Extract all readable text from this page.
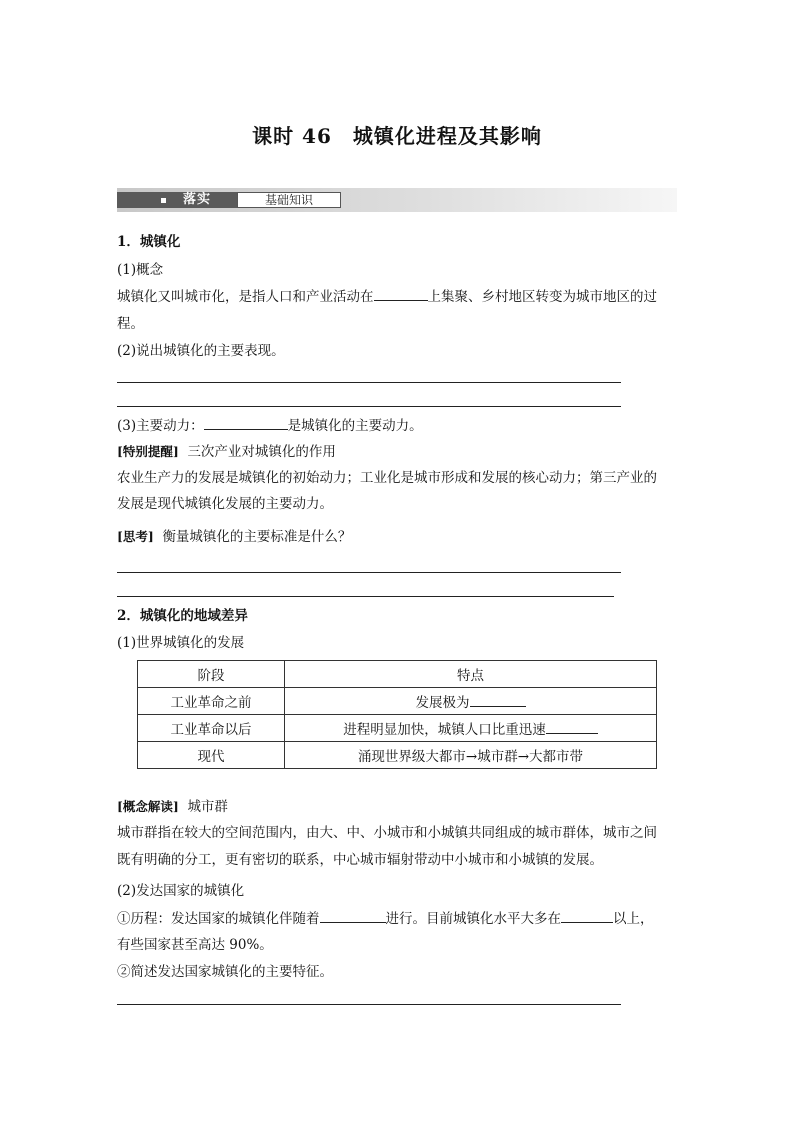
课时 46　城镇化进程及其影响
落实	基础知识
1．城镇化
(1)概念
城镇化又叫城市化，是指人口和产业活动在	上集聚、乡村地区转变为城市地区的过
程。
(2)说出城镇化的主要表现。
(3)主要动力：	是城镇化的主要动力。
[特别提醒] 三次产业对城镇化的作用
农业生产力的发展是城镇化的初始动力；工业化是城市形成和发展的核心动力；第三产业的
发展是现代城镇化发展的主要动力。
[思考] 衡量城镇化的主要标准是什么？
2．城镇化的地域差异
(1)世界城镇化的发展
阶段	特点
工业革命之前	发展极为
工业革命以后	进程明显加快，城镇人口比重迅速
现代	涌现世界级大都市→城市群→大都市带
[概念解读] 城市群
城市群指在较大的空间范围内，由大、中、小城市和小城镇共同组成的城市群体，城市之间
既有明确的分工，更有密切的联系，中心城市辐射带动中小城市和小城镇的发展。
(2)发达国家的城镇化
①历程：发达国家的城镇化伴随着	进行。目前城镇化水平大多在	以上，
有些国家甚至高达 90%。
②简述发达国家城镇化的主要特征。
